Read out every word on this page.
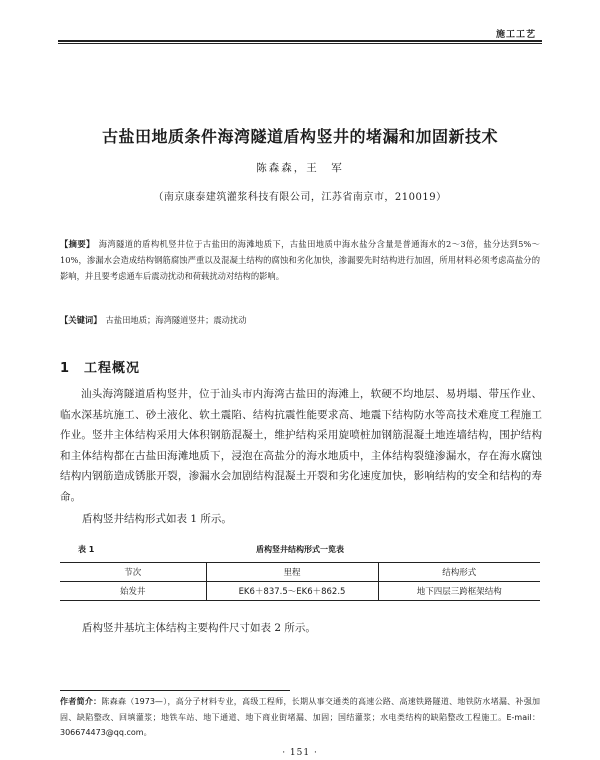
施工工艺
古盐田地质条件海湾隧道盾构竖井的堵漏和加固新技术
陈森森，王　军
（南京康泰建筑灌浆科技有限公司，江苏省南京市，210019）
【摘要】 海湾隧道的盾构机竖井位于古盐田的海滩地质下，古盐田地质中海水盐分含量是普通海水的2～3倍，盐分达到5%～10%，渗漏水会造成结构钢筋腐蚀严重以及混凝土结构的腐蚀和劣化加快，渗漏要先时结构进行加固，所用材料必须考虑高盐分的影响，并且要考虑通车后震动扰动和荷载扰动对结构的影响。
【关键词】 古盐田地质；海湾隧道竖井；震动扰动
1 工程概况

汕头海湾隧道盾构竖井，位于汕头市内海湾古盐田的海滩上，软硬不均地层、易坍塌、带压作业、临水深基坑施工、砂土液化、软土震陷、结构抗震性能要求高、地震下结构防水等高技术难度工程施工作业。竖井主体结构采用大体积钢筋混凝土，维护结构采用旋喷桩加钢筋混凝土地连墙结构，围护结构和主体结构都在古盐田海滩地质下，浸泡在高盐分的海水地质中，主体结构裂缝渗漏水，存在海水腐蚀结构内钢筋造成锈胀开裂，渗漏水会加剧结构混凝土开裂和劣化速度加快，影响结构的安全和结构的寿命。

盾构竖井结构形式如表 1 所示。

表 1	盾构竖井结构形式一览表
节次	里程	结构形式
始发井	EK6＋837.5～EK6＋862.5	地下四层三跨框架结构

盾构竖井基坑主体结构主要构件尺寸如表 2 所示。

作者简介：陈森森（1973—），高分子材料专业，高级工程师，长期从事交通类的高速公路、高速铁路隧道、地铁防水堵漏、补强加固、缺陷整改、回填灌浆；地铁车站、地下通道、地下商业街堵漏、加固；国结灌浆；水电类结构的缺陷整改工程施工。E-mail：306674473@qq.com。
· 151 ·
